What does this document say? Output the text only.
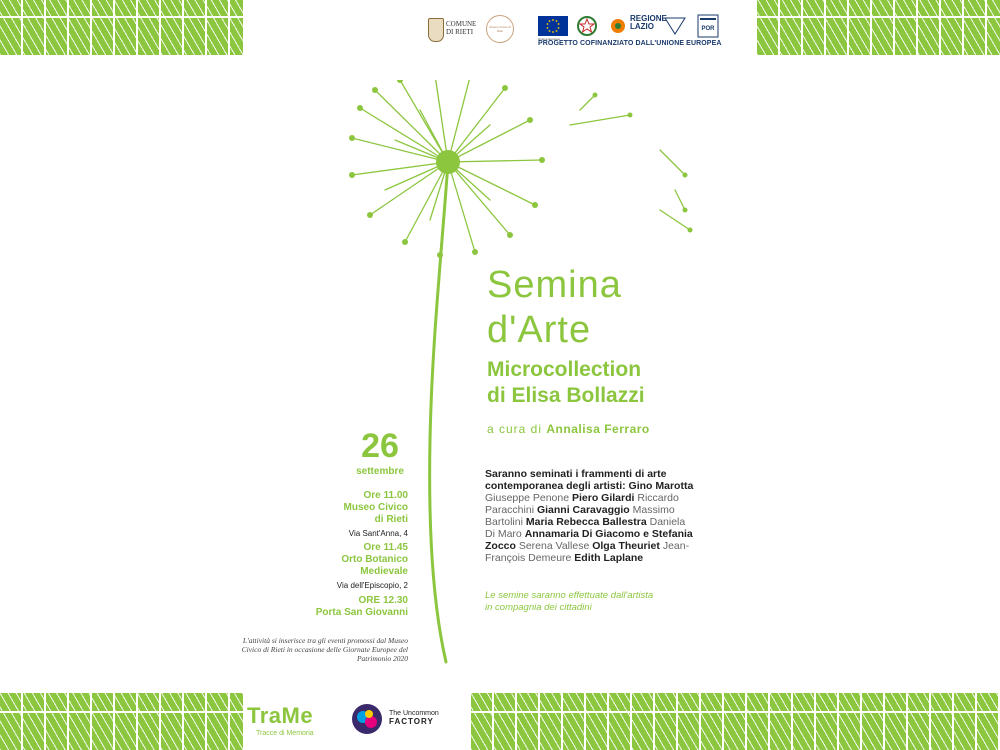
COMUNE
DI RIETI
Museo Civico di Rieti
Unione Europea
REGIONE
LAZIO	POR
PROGETTO COFINANZIATO DALL'UNIONE EUROPEA
Semina
d'Arte
Microcollection
di Elisa Bollazzi
a cura di Annalisa Ferraro
Saranno seminati i frammenti di arte contemporanea degli artisti: Gino Marotta Giuseppe Penone Piero Gilardi Riccardo Paracchini Gianni Caravaggio Massimo Bartolini Maria Rebecca Ballestra Daniela Di Maro Annamaria Di Giacomo e Stefania Zocco Serena Vallese Olga Theuriet Jean-François Demeure Edith Laplane
Le semine saranno effettuate dall'artista
in compagnia dei cittadini
26
settembre
Ore 11.00
Museo Civico
di Rieti
Via Sant'Anna, 4
Ore 11.45
Orto Botanico
Medievale
Via dell'Episcopio, 2
ORE 12.30
Porta San Giovanni
L'attività si inserisce tra gli eventi promossi dal Museo Civico di Rieti in occasione delle Giornate Europee del Patrimonio 2020
TraMe
Tracce di Memoria
The Uncommon
FACTORY
